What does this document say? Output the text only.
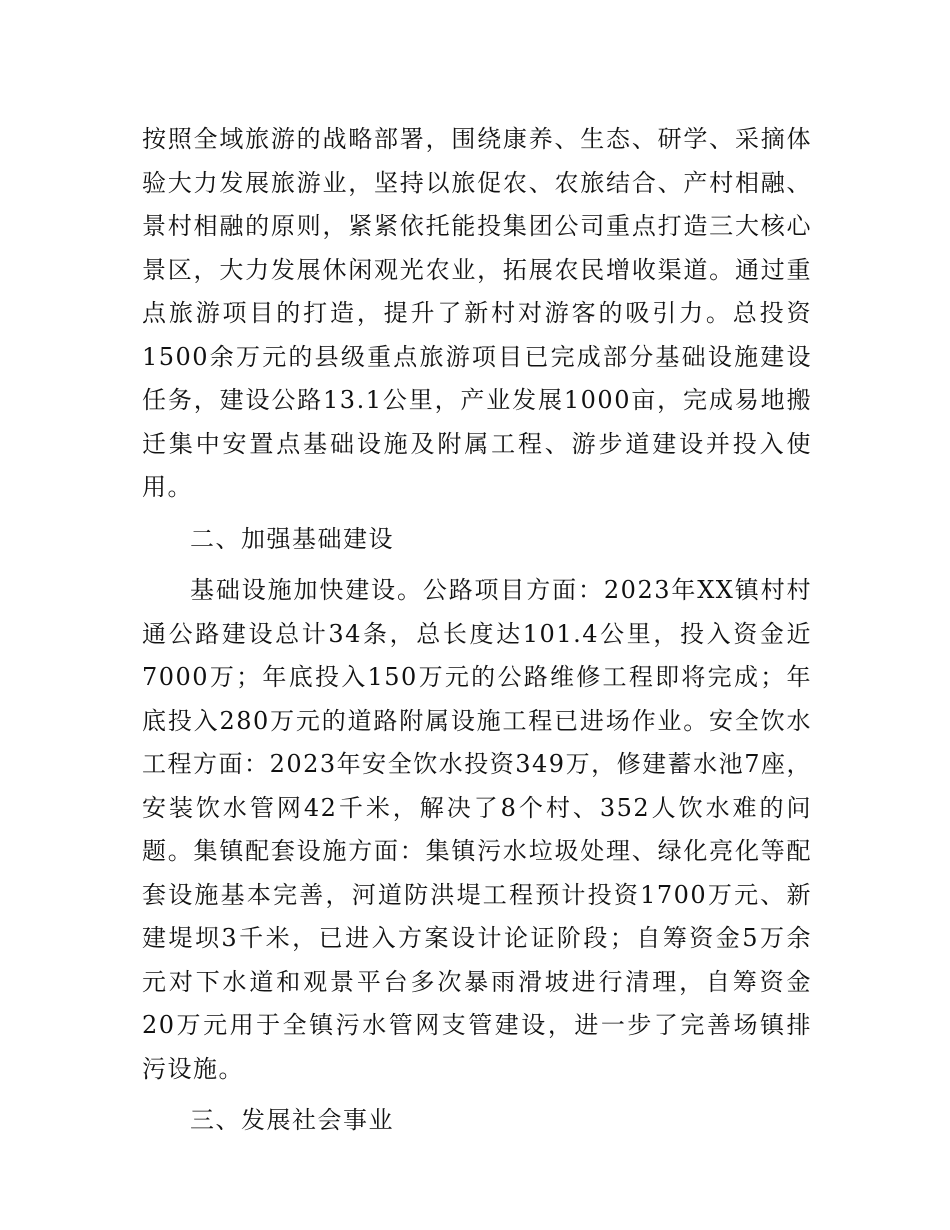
按照全域旅游的战略部署，围绕康养、生态、研学、采摘体验大力发展旅游业，坚持以旅促农、农旅结合、产村相融、景村相融的原则，紧紧依托能投集团公司重点打造三大核心景区，大力发展休闲观光农业，拓展农民增收渠道。通过重点旅游项目的打造，提升了新村对游客的吸引力。总投资1500余万元的县级重点旅游项目已完成部分基础设施建设任务，建设公路13.1公里，产业发展1000亩，完成易地搬迁集中安置点基础设施及附属工程、游步道建设并投入使用。

二、加强基础建设

基础设施加快建设。公路项目方面：2023年XX镇村村通公路建设总计34条，总长度达101.4公里，投入资金近7000万；年底投入150万元的公路维修工程即将完成；年底投入280万元的道路附属设施工程已进场作业。安全饮水工程方面：2023年安全饮水投资349万，修建蓄水池7座，安装饮水管网42千米，解决了8个村、352人饮水难的问题。集镇配套设施方面：集镇污水垃圾处理、绿化亮化等配套设施基本完善，河道防洪堤工程预计投资1700万元、新建堤坝3千米，已进入方案设计论证阶段；自筹资金5万余元对下水道和观景平台多次暴雨滑坡进行清理，自筹资金20万元用于全镇污水管网支管建设，进一步了完善场镇排污设施。

三、发展社会事业
